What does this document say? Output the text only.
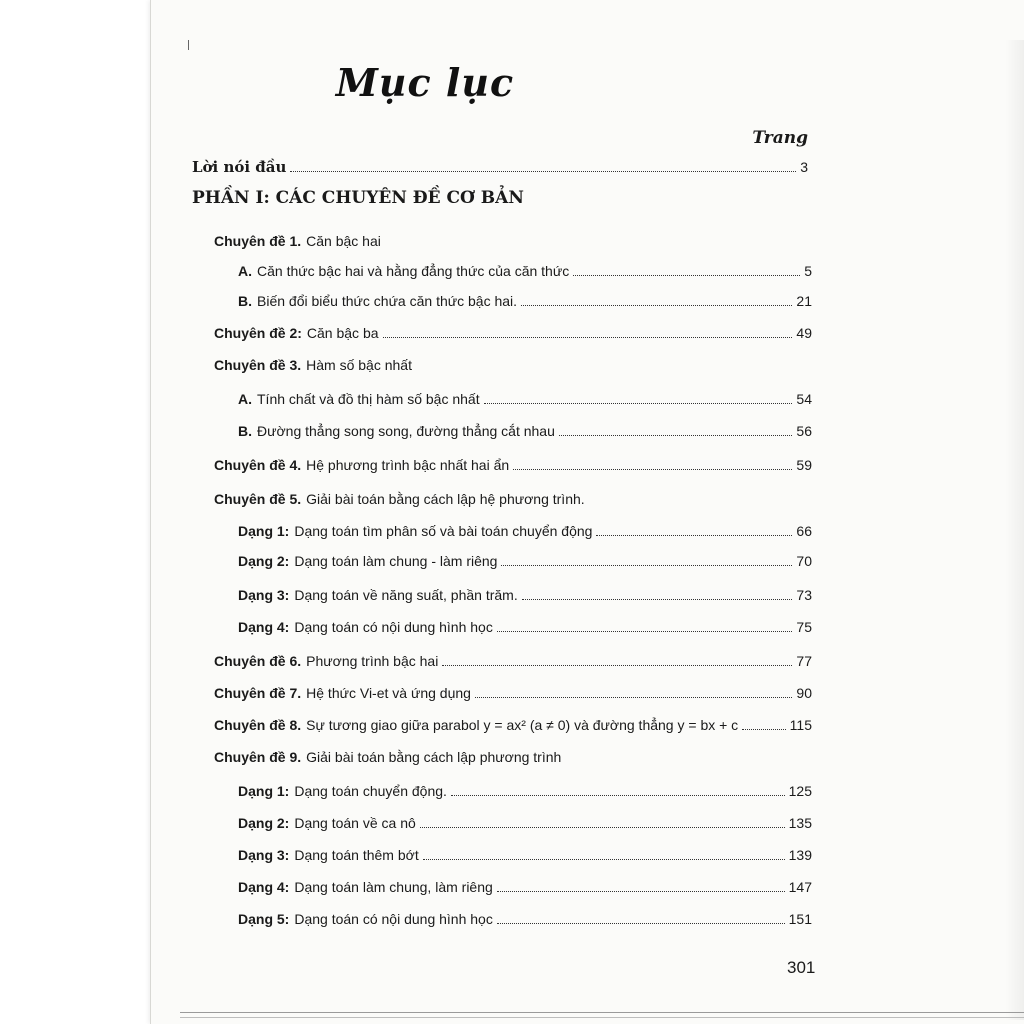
Mục lục
Trang
Lời nói đầu	3
PHẦN I: CÁC CHUYÊN ĐỀ CƠ BẢN
Chuyên đề 1. Căn bậc hai
A. Căn thức bậc hai và hằng đẳng thức của căn thức	5
B. Biến đổi biểu thức chứa căn thức bậc hai.	21
Chuyên đề 2: Căn bậc ba	49
Chuyên đề 3. Hàm số bậc nhất
A. Tính chất và đồ thị hàm số bậc nhất	54
B. Đường thẳng song song, đường thẳng cắt nhau	56
Chuyên đề 4. Hệ phương trình bậc nhất hai ẩn	59
Chuyên đề 5. Giải bài toán bằng cách lập hệ phương trình.
Dạng 1: Dạng toán tìm phân số và bài toán chuyển động	66
Dạng 2: Dạng toán làm chung - làm riêng	70
Dạng 3: Dạng toán về năng suất, phần trăm.	73
Dạng 4: Dạng toán có nội dung hình học	75
Chuyên đề 6. Phương trình bậc hai	77
Chuyên đề 7. Hệ thức Vi-et và ứng dụng	90
Chuyên đề 8. Sự tương giao giữa parabol y = ax² (a ≠ 0) và đường thẳng y = bx + c	115
Chuyên đề 9. Giải bài toán bằng cách lập phương trình
Dạng 1: Dạng toán chuyển động.	125
Dạng 2: Dạng toán về ca nô	135
Dạng 3: Dạng toán thêm bớt	139
Dạng 4: Dạng toán làm chung, làm riêng	147
Dạng 5: Dạng toán có nội dung hình học	151
301
